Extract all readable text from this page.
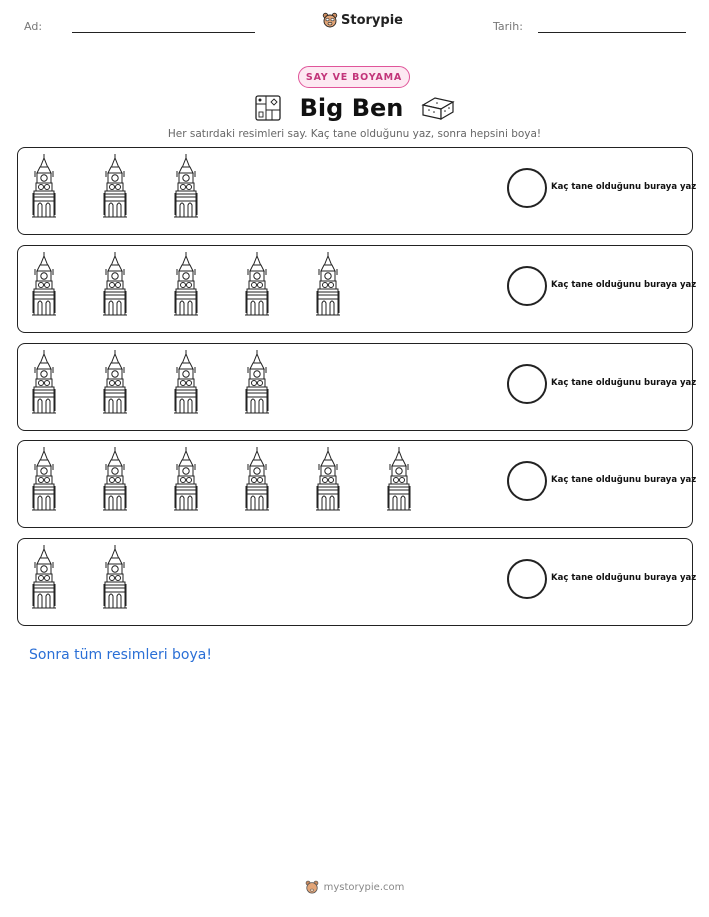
Ad:	Storypie	Tarih:
SAY VE BOYAMA
Big Ben
Her satırdaki resimleri say. Kaç tane olduğunu yaz, sonra hepsini boya!
Kaç tane olduğunu buraya yaz
Kaç tane olduğunu buraya yaz
Kaç tane olduğunu buraya yaz
Kaç tane olduğunu buraya yaz
Kaç tane olduğunu buraya yaz
Sonra tüm resimleri boya!
mystorypie.com
